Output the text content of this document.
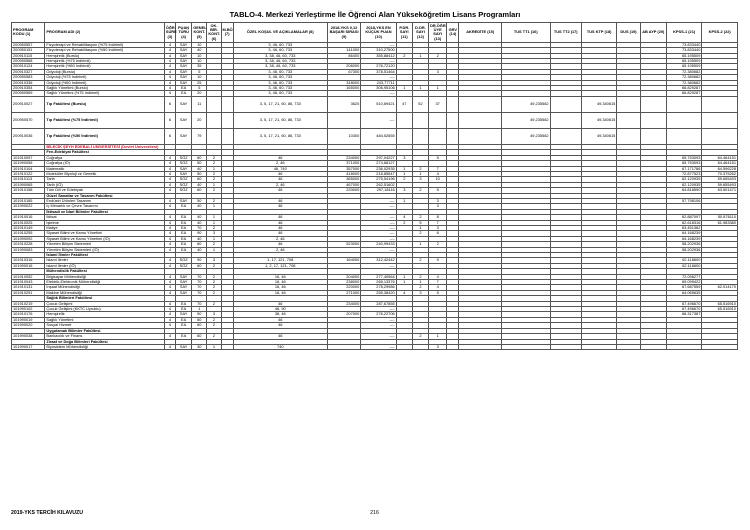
TABLO-4. Merkezi Yerleştirme İle Öğrenci Alan Yükseköğretim Lisans Programları
PROGRAM KODU (1)	PROGRAM ADI (2)	ÖĞR. SÜRE (3)	PUAN TÜRÜ (4)	GENEL KONT. (5)	OK. BİR. KONT. (6)	M.BÖ (7)	ÖZEL KOŞUL VE AÇIKLAMALAR (8)	2018-YKS 0,12 BAŞARI SIRASI (9)	2018-YKS EN KÜÇÜK PUAN (10)	P.DR. SAYI (11)	D.DR. SAYI (12)	DR.ÖĞR. ÜYE SAYI (13)	GRV (14)	AKREDİTE (15)	TUS TT1 (16)	TUS TT2 (17)	TUS KTP (18)	DUS (19)	AB AYP (20)	KPSS-1 (21)	KPSS-2 (22)
200950557	Fizyoterapi ve Rehabilitasyon (%75 İndirimli)	4	SAY	10			3, 46, 60, 733		----											73.833440	
200950151	Fizyoterapi ve Rehabilitasyon (%50 İndirimli)	4	SAY	40			3, 46, 60, 733	141000	310,27500											73.833440	
200910115	Hemşirelik (Burslu)	4	SAY	10			3, 38, 46, 60, 733	86400	355,88412	2	1	2								65.195509	
200950568	Hemşirelik (%75 İndirimli)	4	SAY	10			3, 38, 46, 60, 733		----											65.195509	
200910124	Hemşirelik (%50 İndirimli)	4	SAY	35			3, 38, 46, 60, 733	206000	276,72120											65.195509	
200910327	Odyoloji (Burslu)	4	SAY	5			3, 46, 60, 733	67300	378,51464			3								72.380682	
200950583	Odyoloji (%75 İndirimli)	4	SAY	10			3, 46, 60, 733		----											72.380682	
200910336	Odyoloji (%50 İndirimli)	4	SAY	25			3, 46, 60, 733	318000	243,77711											72.380682	
200910354	Sağlık Yönetimi (Burslu)	4	EA	5			3, 46, 60, 733	165000	306,95106	1	1	1								66.829287	
200950569	Sağlık Yönetimi (%75 İndirimli)	4	EA	20			3, 46, 60, 733		----											66.829287	
200910027	Tıp Fakültesi (Burslu)	6	SAY	11			3, 5, 17, 21, 60, 86, 733	3620	510,69421	47	52	37			49.235582		49.340615				
200950570	Tıp Fakültesi (%75 İndirimli)	6	SAY	20			3, 5, 17, 21, 60, 86, 733		----						49.235582		49.340615				
200910036	Tıp Fakültesi (%50 İndirimli)	6	SAY	79			3, 5, 17, 21, 60, 86, 733	10300	484,52655						49.235582		49.340615				
	BİLECİK ŞEYH EDEBALİ ÜNİVERSİTESİ (Devlet Üniversitesi)																				
	Fen-Edebiyat Fakültesi																				
101910097	Coğrafya	4	SÖZ	60	2		46	234000	297,04227	3		5								65.753093	64.464151
101990056	Coğrafya (İÖ)	4	SÖZ	50	2		2, 46	371000	274,68127											65.753093	64.464151
101910104	Matematik	4	SAY	40	1		46, 740	357000	236,02935	1	2	7								67.171786	64.596228
101910122	Moleküler Biyoloji ve Genetik	4	SAY	50	2		46	418000	218,85547	1	1	4								72.877523	70.375262
101910113	Tarih	4	SÖZ	60	2		46	365000	275,54196	2	3	10								62.120935	59.655493
101990065	Tarih (İÖ)	4	SÖZ	40	1		2, 46	467000	262,51602											62.120935	59.655493
101910158	Türk Dili ve Edebiyatı	4	SÖZ	60	2		46	233000	297,18116	3	2	5								64.818590	63.501471
	Güzel Sanatlar ve Tasarım Fakültesi																				
101910185	Endüstri Ürünleri Tasarımı	4	SAY	50	2		46		----	1		3								57.798106	
101990022	İç Mimarlık ve Çevre Tasarımı	4	EA	40	1		46		----			3									
	İktisadi ve İdari Bilimler Fakültesi																				
101910016	İktisat	4	EA	40	1		46		----	4	2	8								62.887097	50.876110
101910025	İşletme	4	EA	40	1		46		----	2	5	7								62.618316	61.983380
101910149	Maliye	4	EA	70	2		46		----		1	3								63.451362	
101910255	Siyaset Bilimi ve Kamu Yönetimi	4	EA	90	3		46		----		2	6								64.168239	
101990092	Siyaset Bilimi ve Kamu Yönetimi (İÖ)	4	EA	40	1		2, 46		----											64.168239	
101910228	Yönetim Bilişim Sistemleri	4	EA	60	2		46	523000	240,99433		1	2								58.202936	
101990083	Yönetim Bilişim Sistemleri (İÖ)	4	EA	40	1		2, 46		----											58.202936	
	İslami İlimler Fakültesi																				
101910316	İslami İlimler	4	SÖZ	90	3		1, 17, 121, 708	164000	312,42442		2	9								62.116600	
101990016	İslami İlimler (İÖ)	4	SÖZ	60	2		1, 2, 17, 121, 708		----											62.116600	
	Mühendislik Fakültesi																				
101910052	Bilgisayar Mühendisliği	4	SAY	70	2		16, 46	204000	277,40564	1	2	4								72.096277	
101910043	Elektrik-Elektronik Mühendisliği	4	SAY	70	2		16, 46	238000	265,13376	1	1	7								69.099422	
101910131	İnşaat Mühendisliği	4	SAY	70	2		16, 46	220000	278,29986		2	4								67.687559	62.014170
101910291	Makine Mühendisliği	4	SAY	70	2		16, 46	271000	255,38420	4	3	5								64.069635	
	Sağlık Bilimleri Fakültesi																				
101910219	Çocuk Gelişimi	4	EA	70	2		46	234000	287,67855											67.496670	65.516910
101990102	Çocuk Gelişimi (KKTC Uyruklu)	4	EA	1			46, 90		----											67.496670	65.516910
101910176	Hemşirelik	4	SAY	90	3		38, 46	207000	276,22706											68.317387	
101990019	Sağlık Yönetimi	4	EA	60	2		46		----												
101990020	Sosyal Hizmet	4	EA	60	2		46		----												
	Uygulamalı Bilimler Fakültesi																				
101990038	Bankacılık ve Finans	4	EA	60	2		46		----		2	1									
	Ziraat ve Doğa Bilimleri Fakültesi																				
101990017	Biyosistem Mühendisliği	4	SAY	30	1		740		----			3									
2019-YKS TERCİH KILAVUZU	216
